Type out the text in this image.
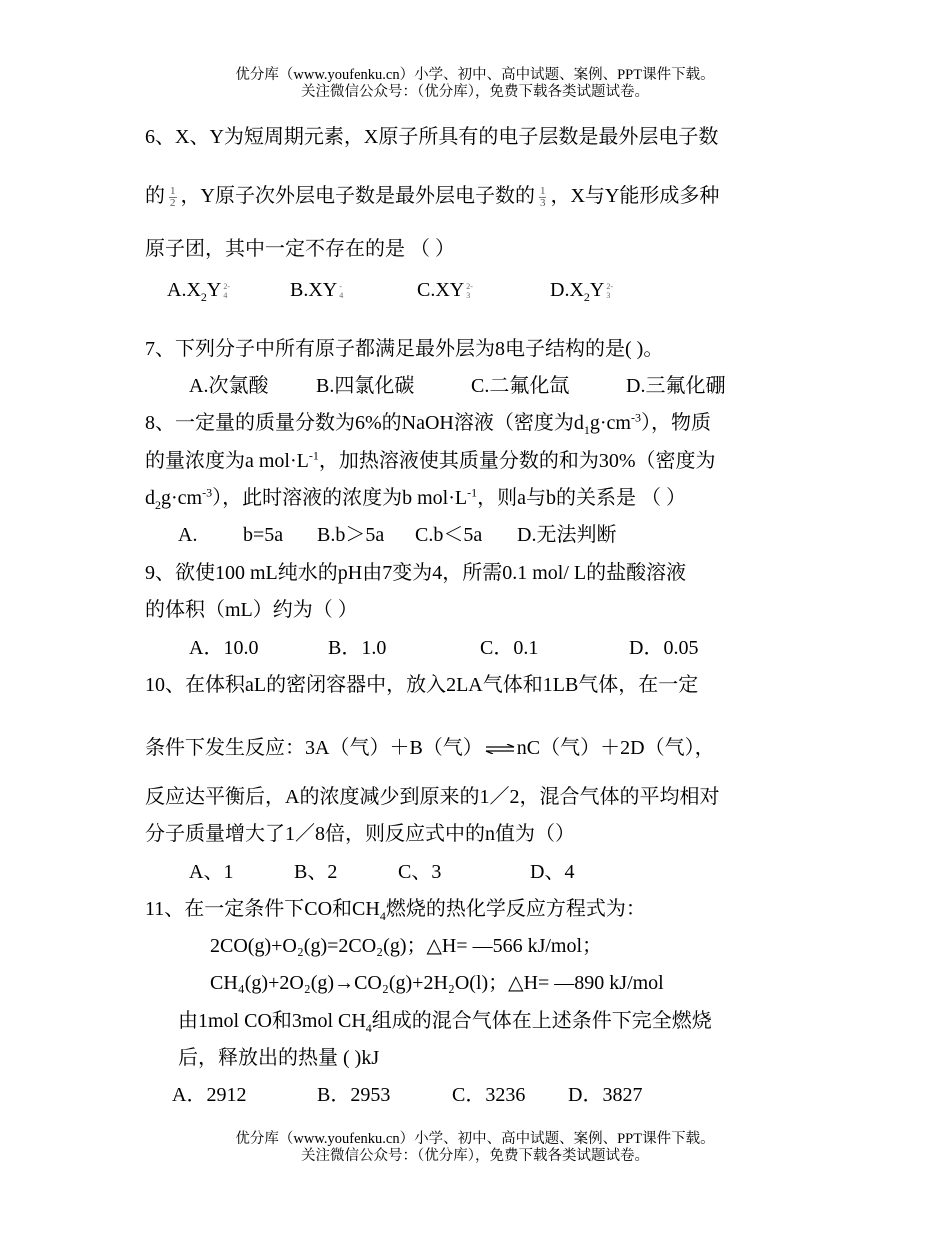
优分库（www.youfenku.cn）小学、初中、高中试题、案例、PPT课件下载。
关注微信公众号：（优分库），免费下载各类试题试卷。
6、X、Y为短周期元素，X原子所具有的电子层数是最外层电子数
的 $\frac{1}{2}$ ，Y原子次外层电子数是最外层电子数的 $\frac{1}{3}$ ，X与Y能形成多种
原子团，其中一定不存在的是 （ ）
$A.X_2Y$ 2-
4	B.XY -
4	C.XY 2-
3	$D.X_2Y$ 2-
3
7、下列分子中所有原子都满足最外层为8电子结构的是( )。
A.次氯酸 B.四氯化碳	C.二氟化氙	D.三氟化硼
8、一定量的质量分数为6%的NaOH溶液（密度为$d_1g\cdot cm^{-3}$），物质
的量浓度为a $mol\cdot L^{-1}$，加热溶液使其质量分数的和为30%（密度为
$d_2g\cdot cm^{-3}$），此时溶液的浓度为b $mol\cdot L^{-1}$，则a与b的关系是 （ ）
A. b=5a B.b＞5a C.b＜5a D.无法判断
9、欲使100 mL纯水的pH由7变为4，所需0.1 mol/ L的盐酸溶液
的体积（mL）约为（ ）
A．10.0	B．1.0	C．0.1	D．0.05
10、在体积aL的密闭容器中，放入2LA气体和1LB气体，在一定
条件下发生反应：3A（气）＋B（气） ⇌ nC（气）＋2D（气），
反应达平衡后，A的浓度减少到原来的1／2，混合气体的平均相对
分子质量增大了1／8倍，则反应式中的n值为（）
A、1	B、2	C、3	D、4
11、在一定条件下CO和$CH_4$燃烧的热化学反应方程式为：
2CO(g)+O₂(g)=2CO₂(g)；△H= —566 kJ/mol；
CH₄(g)+2O₂(g)→CO₂(g)+2H₂O(l)；△H= —890 kJ/mol
由1mol CO和3mol $CH_4$组成的混合气体在上述条件下完全燃烧
后，释放出的热量 ( )kJ
A．2912	B．2953	C．3236 D．3827
优分库（www.youfenku.cn）小学、初中、高中试题、案例、PPT课件下载。
关注微信公众号：（优分库），免费下载各类试题试卷。
